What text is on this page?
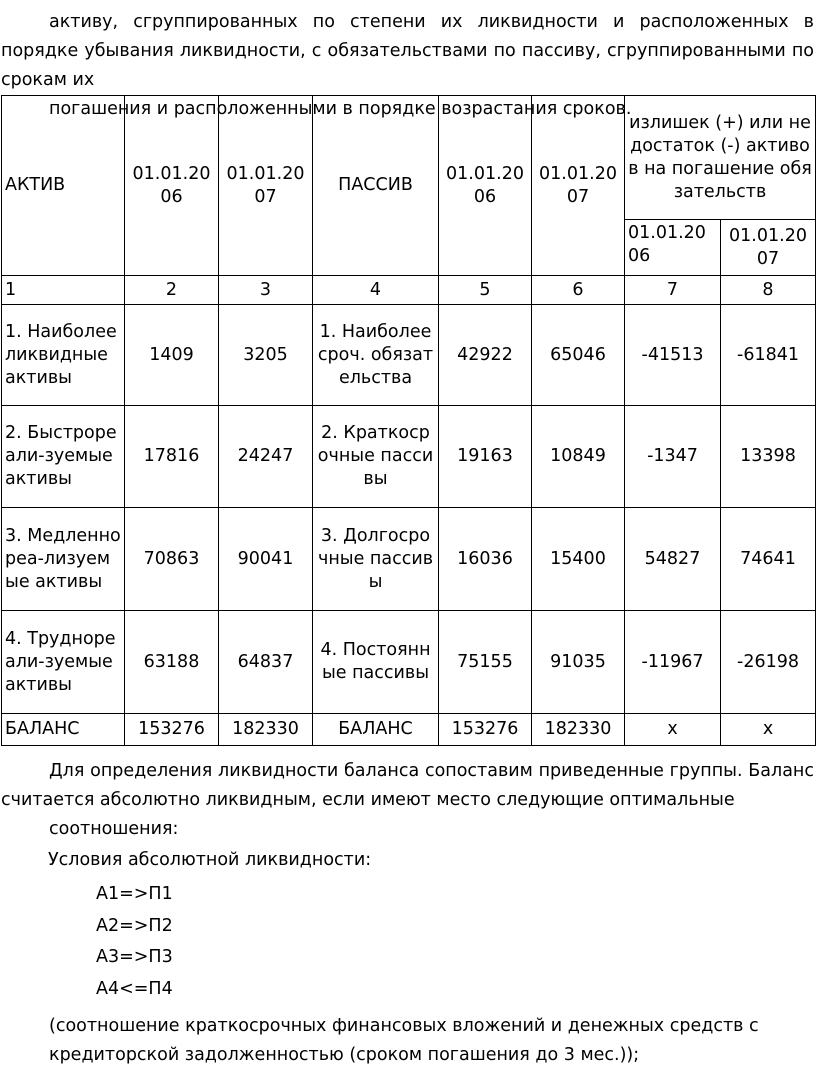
активу, сгруппированных по степени их ликвидности и расположенных в порядке убывания ликвидности, с обязательствами по пассиву, сгруппированными по срокам их
погашения и расположенными в порядке возрастания сроков.

АКТИВ	01.01.2006	01.01.2007	ПАССИВ	01.01.2006	01.01.2007	излишек (+) или недостаток (-) активов на погашение обязательств	
						01.01.2006	01.01.2007
1	2	3	4	5	6	7	8
1. Наиболее ликвидные активы	1409	3205	1. Наиболее сроч. обязательства	42922	65046	-41513	-61841
2. Быстрореали-зуемые активы	17816	24247	2. Краткосрочные пассивы	19163	10849	-1347	13398
3. Медленнореа-лизуемые активы	70863	90041	3. Долгосрочные пассивы	16036	15400	54827	74641
4. Труднореали-зуемые активы	63188	64837	4. Постоянные пассивы	75155	91035	-11967	-26198
БАЛАНС	153276	182330	БАЛАНС	153276	182330	x	x

Для определения ликвидности баланса сопоставим приведенные группы. Баланс считается абсолютно ликвидным, если имеют место следующие оптимальные
соотношения:

Условия абсолютной ликвидности:

А1=>П1

А2=>П2

А3=>П3

А4<=П4

(соотношение краткосрочных финансовых вложений и денежных средств с
кредиторской задолженностью (сроком погашения до 3 мес.));
